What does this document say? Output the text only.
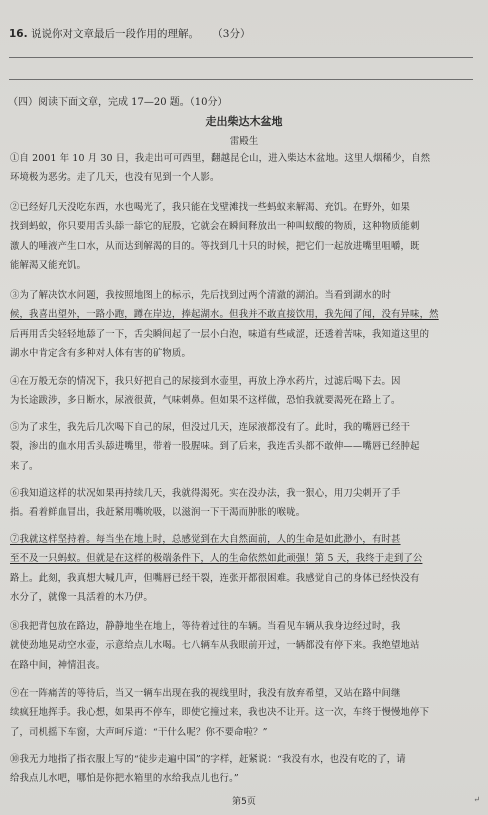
16. 说说你对文章最后一段作用的理解。 （3分）
（四）阅读下面文章，完成 17—20 题。（10分）
走出柴达木盆地
雷殿生
①自 2001 年 10 月 30 日，我走出可可西里，翻越昆仑山，进入柴达木盆地。这里人烟稀少，自然
环境极为恶劣。走了几天，也没有见到一个人影。
②已经好几天没吃东西，水也喝光了，我只能在戈壁滩找一些蚂蚁来解渴、充饥。在野外，如果
找到蚂蚁，你只要用舌头舔一舔它的屁股，它就会在瞬间释放出一种叫蚁酸的物质，这种物质能刺
激人的唾液产生口水，从而达到解渴的目的。等找到几十只的时候，把它们一起放进嘴里咀嚼，既
能解渴又能充饥。
③为了解决饮水问题，我按照地图上的标示，先后找到过两个清澈的湖泊。当看到湖水的时
候，我喜出望外，一路小跑，蹲在岸边，捧起湖水。但我并不敢直接饮用，我先闻了闻，没有异味，然
后再用舌尖轻轻地舔了一下，舌尖瞬间起了一层小白泡，味道有些咸涩，还透着苦味，我知道这里的
湖水中肯定含有多种对人体有害的矿物质。
④在万般无奈的情况下，我只好把自己的尿接到水壶里，再放上净水药片，过滤后喝下去。因
为长途跋涉，多日断水，尿液很黄，气味刺鼻。但如果不这样做，恐怕我就要渴死在路上了。
⑤为了求生，我先后几次喝下自己的尿，但没过几天，连尿液都没有了。此时，我的嘴唇已经干
裂，渗出的血水用舌头舔进嘴里，带着一股腥味。到了后来，我连舌头都不敢伸——嘴唇已经肿起
来了。
⑥我知道这样的状况如果再持续几天，我就得渴死。实在没办法，我一狠心，用刀尖刺开了手
指。看着鲜血冒出，我赶紧用嘴吮吸，以滋润一下干渴而肿胀的喉咙。
⑦我就这样坚持着。每当坐在地上时，总感觉到在大自然面前，人的生命是如此渺小，有时甚
至不及一只蚂蚁。但就是在这样的极端条件下，人的生命依然如此顽强！第 5 天，我终于走到了公
路上。此刻，我真想大喊几声，但嘴唇已经干裂，连张开都很困难。我感觉自己的身体已经快没有
水分了，就像一具活着的木乃伊。
⑧我把背包放在路边，静静地坐在地上，等待着过往的车辆。当看见车辆从我身边经过时，我
就使劲地晃动空水壶，示意给点儿水喝。七八辆车从我眼前开过，一辆都没有停下来。我绝望地站
在路中间，神情沮丧。
⑨在一阵痛苦的等待后，当又一辆车出现在我的视线里时，我没有放弃希望，又站在路中间继
续疯狂地挥手。我心想，如果再不停车，即使它撞过来，我也决不让开。这一次，车终于慢慢地停下
了，司机摇下车窗，大声呵斥道：“干什么呢？你不要命啦？”
⑩我无力地指了指衣服上写的“徒步走遍中国”的字样，赶紧说：“我没有水，也没有吃的了，请
给我点儿水吧，哪怕是你把水箱里的水给我点儿也行。”
第5页	↵
